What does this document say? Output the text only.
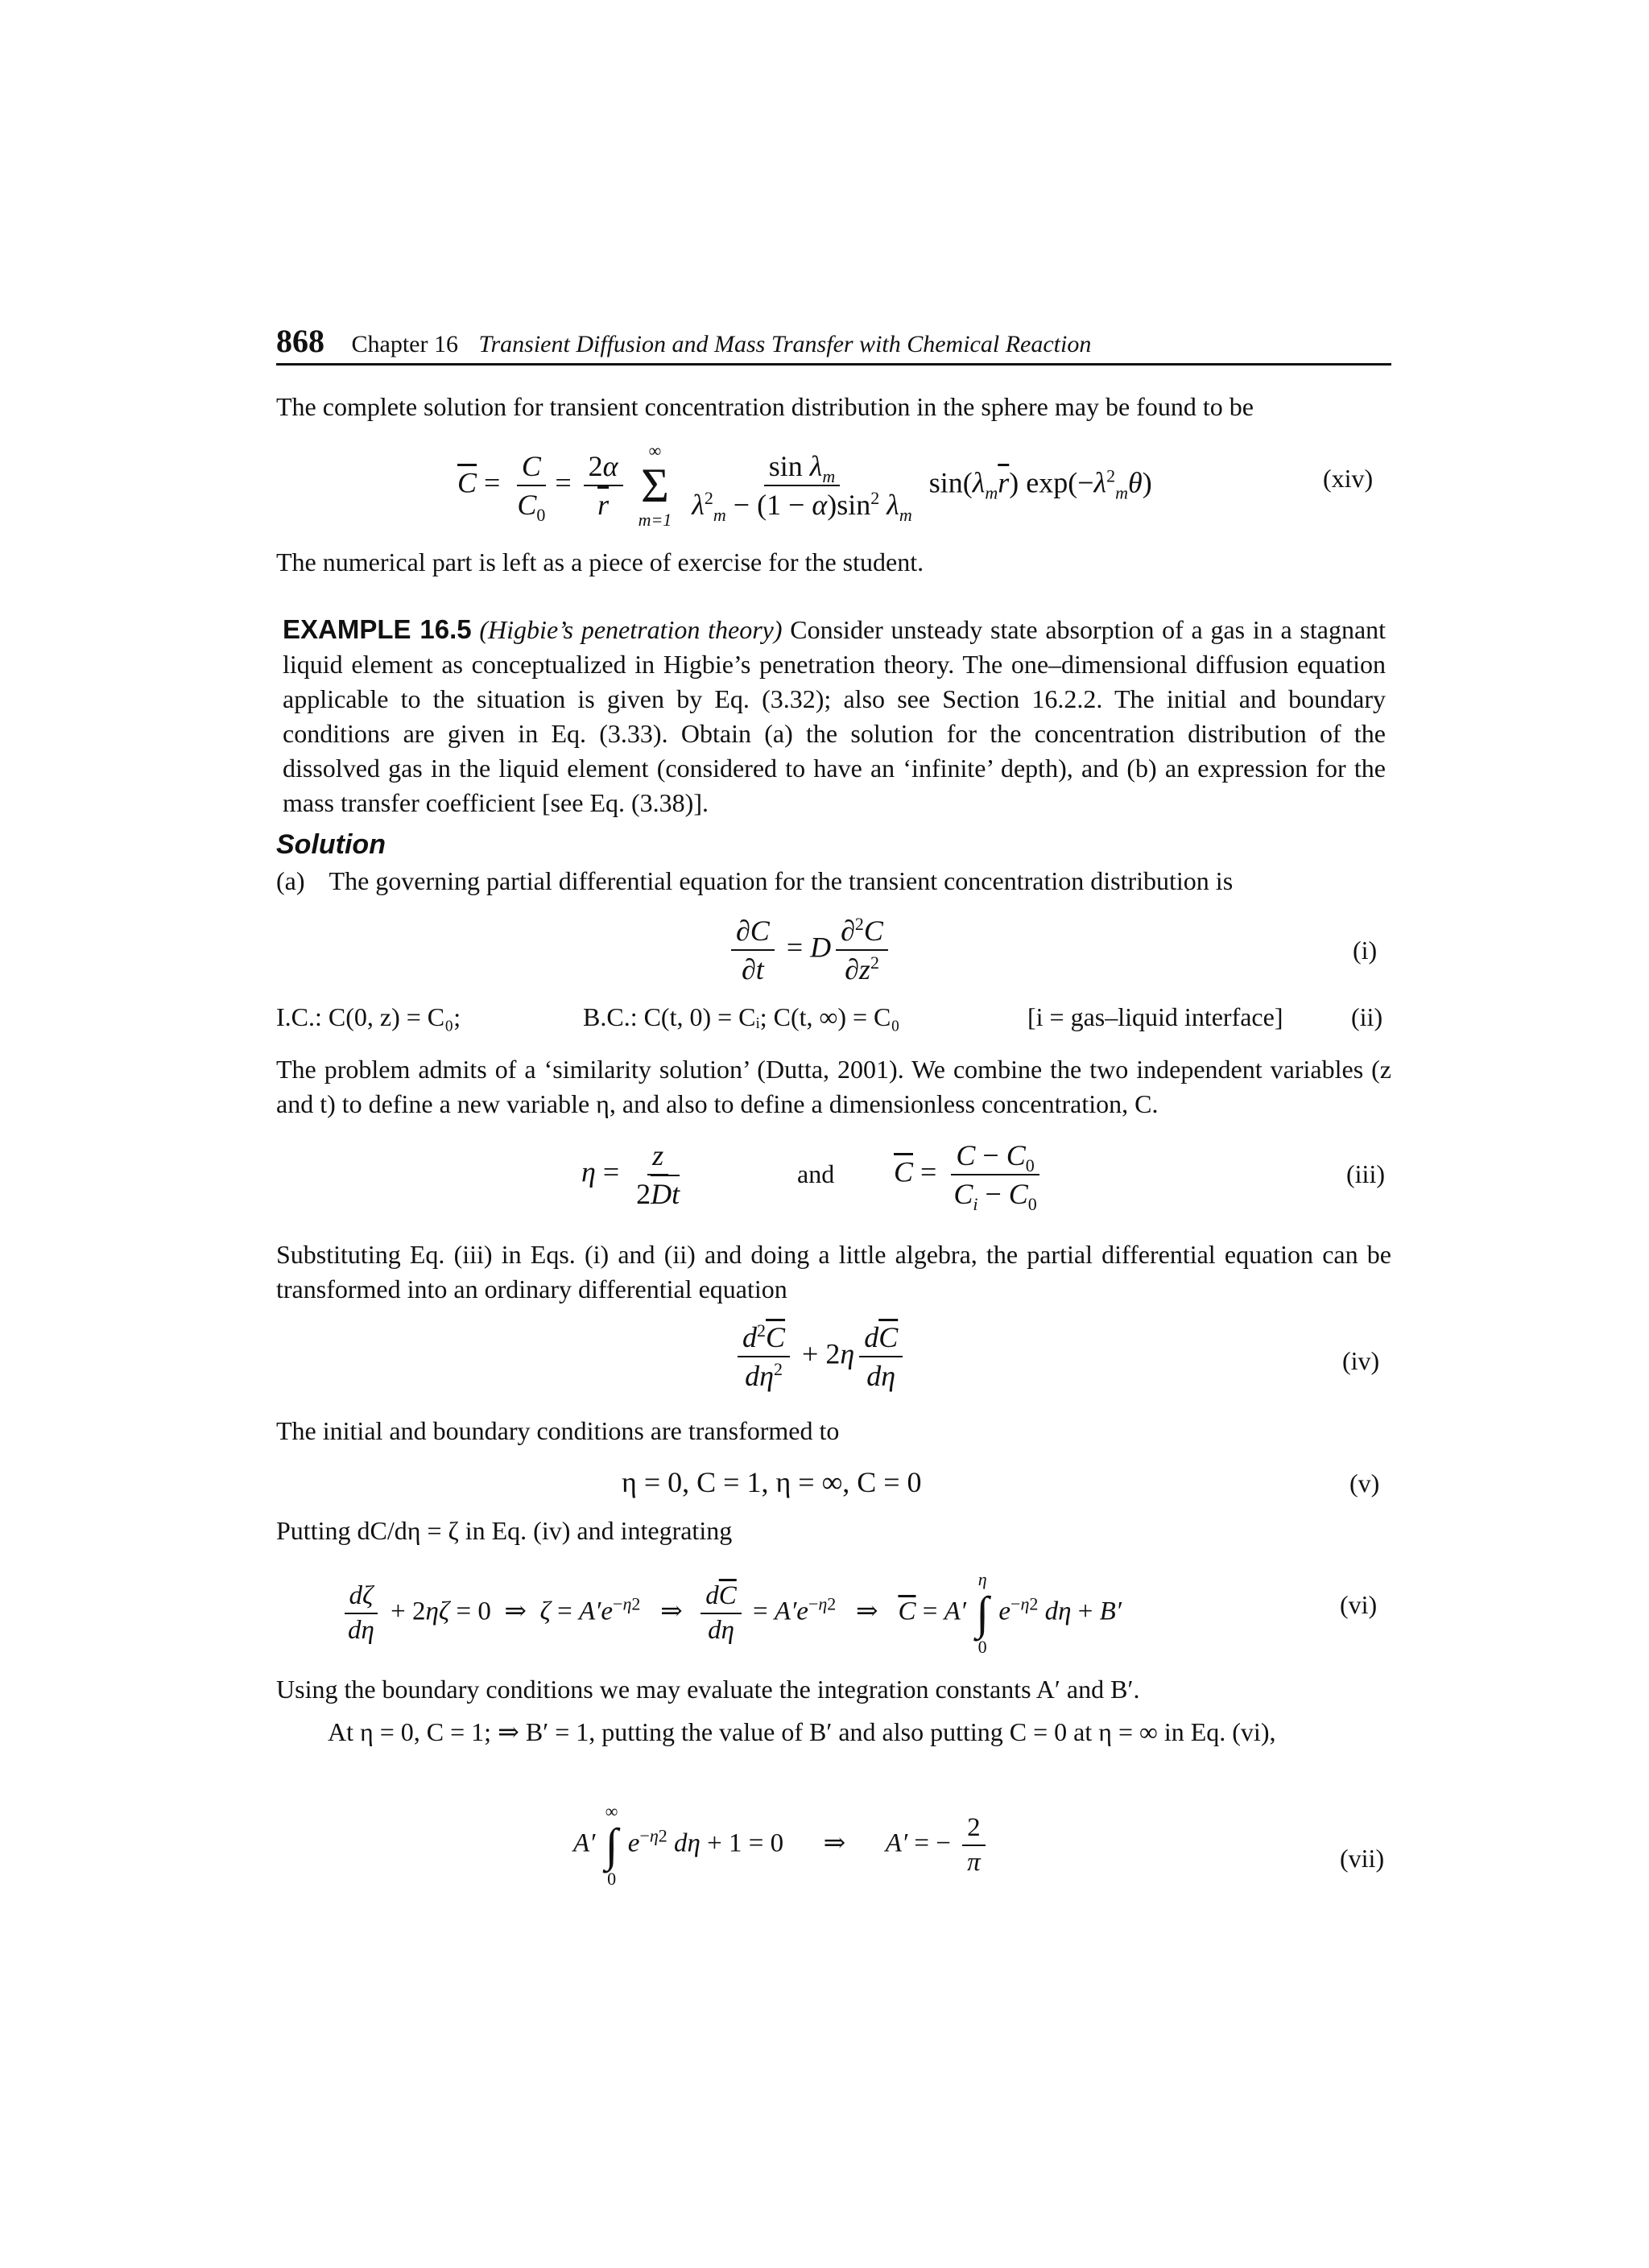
868 Chapter 16 Transient Diffusion and Mass Transfer with Chemical Reaction
The complete solution for transient concentration distribution in the sphere may be found to be
$\overline{C} = \frac{C}{C_0} = \frac{2\alpha}{r}$
∞
Σ
m=1
$\frac{\sin \lambda_m}{\lambda^2_m - (1 - \alpha)\sin^2 \lambda_m} \sin(\lambda_m\overline{r})$ $\exp(-\lambda^2_m\theta)$	(xiv)
The numerical part is left as a piece of exercise for the student.
EXAMPLE 16.5 (Higbie’s penetration theory) Consider unsteady state absorption of a gas in a stagnant liquid element as conceptualized in Higbie’s penetration theory. The one–dimensional diffusion equation applicable to the situation is given by Eq. (3.32); also see Section 16.2.2. The initial and boundary conditions are given in Eq. (3.33). Obtain (a) the solution for the concentration distribution of the dissolved gas in the liquid element (considered to have an ‘infinite’ depth), and (b) an expression for the mass transfer coefficient [see Eq. (3.38)].
Solution
(a) The governing partial differential equation for the transient concentration distribution is
$\frac{\partial C}{\partial t} = D \frac{\partial^2C}{\partial z^2}$	(i)
I.C.: C(0, z) = C₀;	B.C.: C(t, 0) = Cᵢ; C(t, ∞) = C₀	[i = gas–liquid interface]	(ii)
The problem admits of a ‘similarity solution’ (Dutta, 2001). We combine the two independent variables (z and t) to define a new variable η, and also to define a dimensionless concentration, C.
$\eta = \frac{z}{2Dt}$	and $\overline{C} = \frac{C - C_0}{C_i - C_0}$	(iii)
Substituting Eq. (iii) in Eqs. (i) and (ii) and doing a little algebra, the partial differential equation can be transformed into an ordinary differential equation
$\frac{d^2\overline{C}}{d\eta^2} + 2\eta \frac{d\overline{C}}{d\eta}$	(iv)
The initial and boundary conditions are transformed to
η = 0, C = 1, η = ∞, C = 0	(v)
Putting dC/dη = ζ in Eq. (iv) and integrating
$\frac{d\zeta}{d\eta} + 2\eta\zeta = 0$  ⇒  $\zeta = A'e^{-\eta 2}$   ⇒ $\frac{d\overline{C}}{d\eta} = A'e^{-\eta 2}$   ⇒   $\overline{C} = A'$
η
∫
0
$e^{-\eta 2}$ dη + B′	(vi)
Using the boundary conditions we may evaluate the integration constants A′ and B′.
At η = 0, C = 1; ⇒ B′ = 1, putting the value of B′ and also putting C = 0 at η = ∞ in Eq. (vi),
A′
∞
∫
0
$e^{-\eta 2}$ dη + 1 = 0      ⇒      A′ = − $\frac{2}{\pi}$	(vii)
